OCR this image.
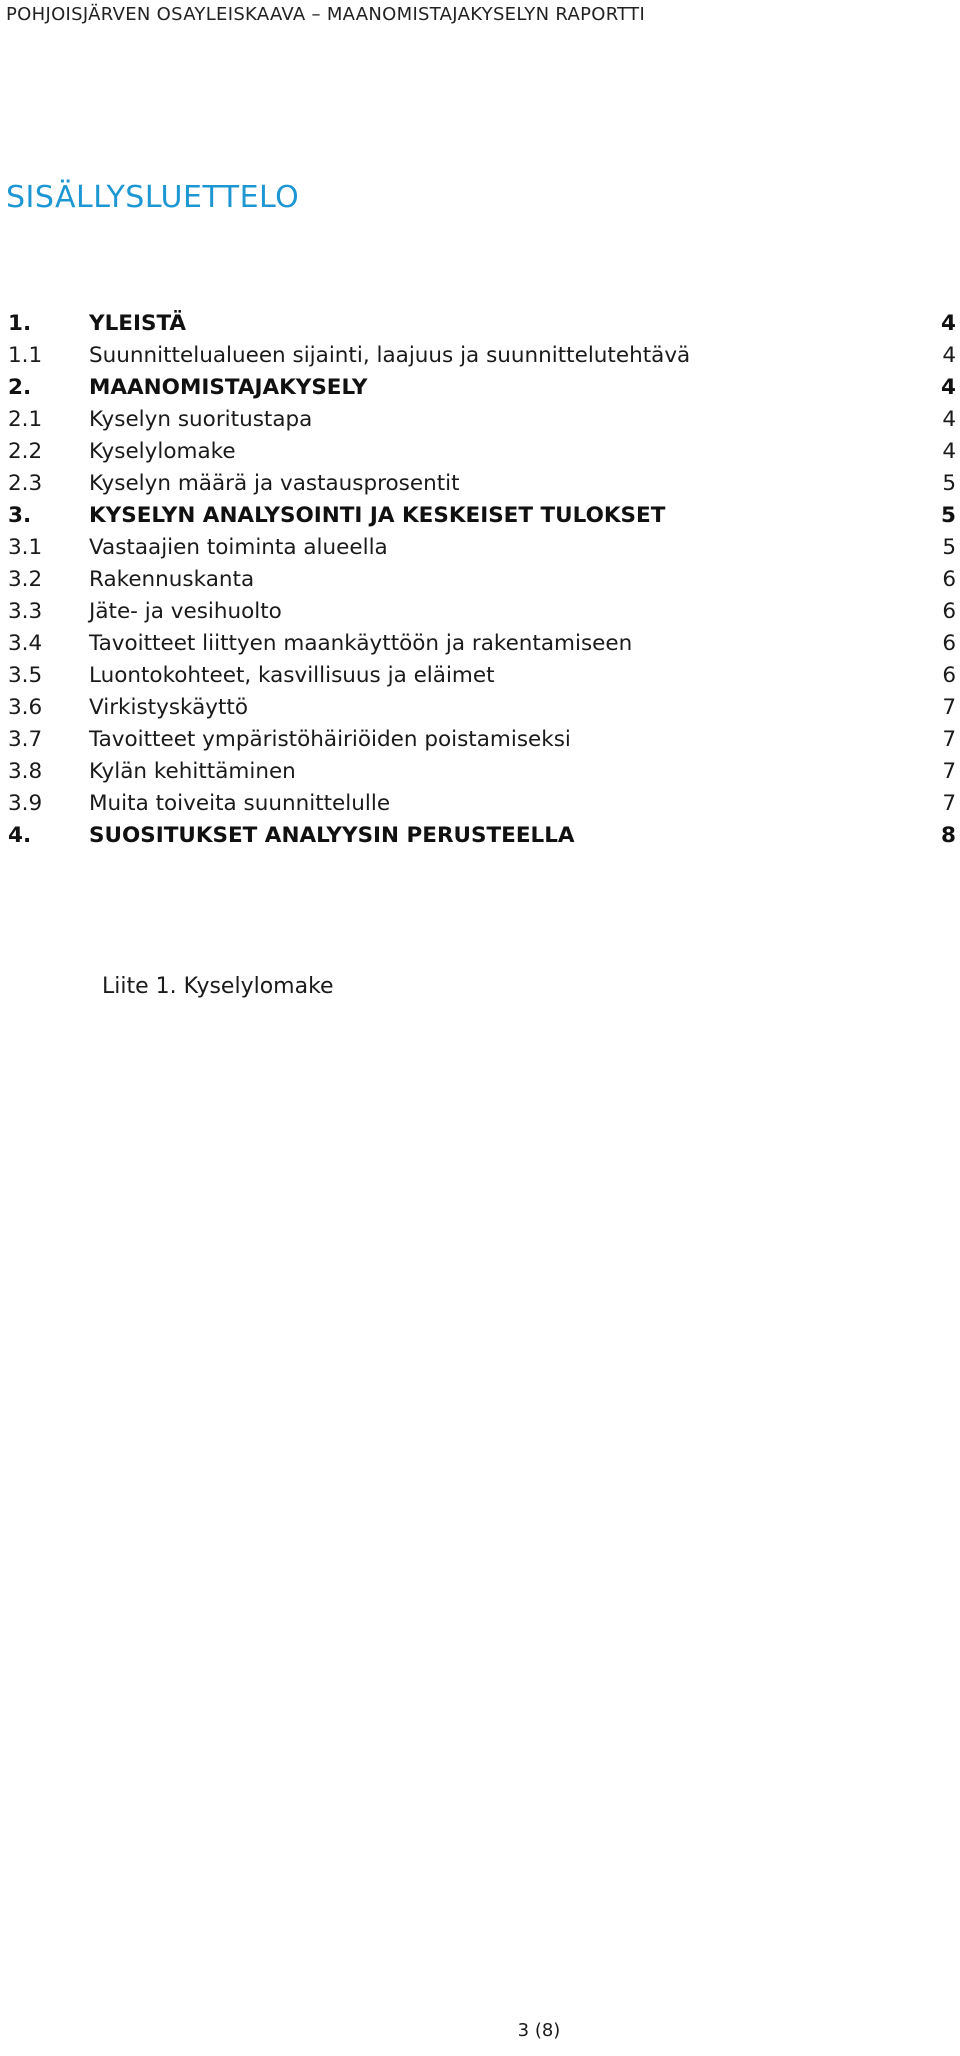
POHJOISJÄRVEN OSAYLEISKAAVA – MAANOMISTAJAKYSELYN RAPORTTI
SISÄLLYSLUETTELO
1.	YLEISTÄ	4
1.1 Suunnittelualueen sijainti, laajuus ja suunnittelutehtävä	4
2.	MAANOMISTAJAKYSELY	4
2.1 Kyselyn suoritustapa	4
2.2 Kyselylomake	4
2.3 Kyselyn määrä ja vastausprosentit	5
3.	KYSELYN ANALYSOINTI JA KESKEISET TULOKSET	5
3.1 Vastaajien toiminta alueella	5
3.2 Rakennuskanta	6
3.3 Jäte- ja vesihuolto	6
3.4 Tavoitteet liittyen maankäyttöön ja rakentamiseen	6
3.5 Luontokohteet, kasvillisuus ja eläimet	6
3.6 Virkistyskäyttö	7
3.7 Tavoitteet ympäristöhäiriöiden poistamiseksi	7
3.8 Kylän kehittäminen	7
3.9 Muita toiveita suunnittelulle	7
4.	SUOSITUKSET ANALYYSIN PERUSTEELLA	8
Liite 1. Kyselylomake
3 (8)
